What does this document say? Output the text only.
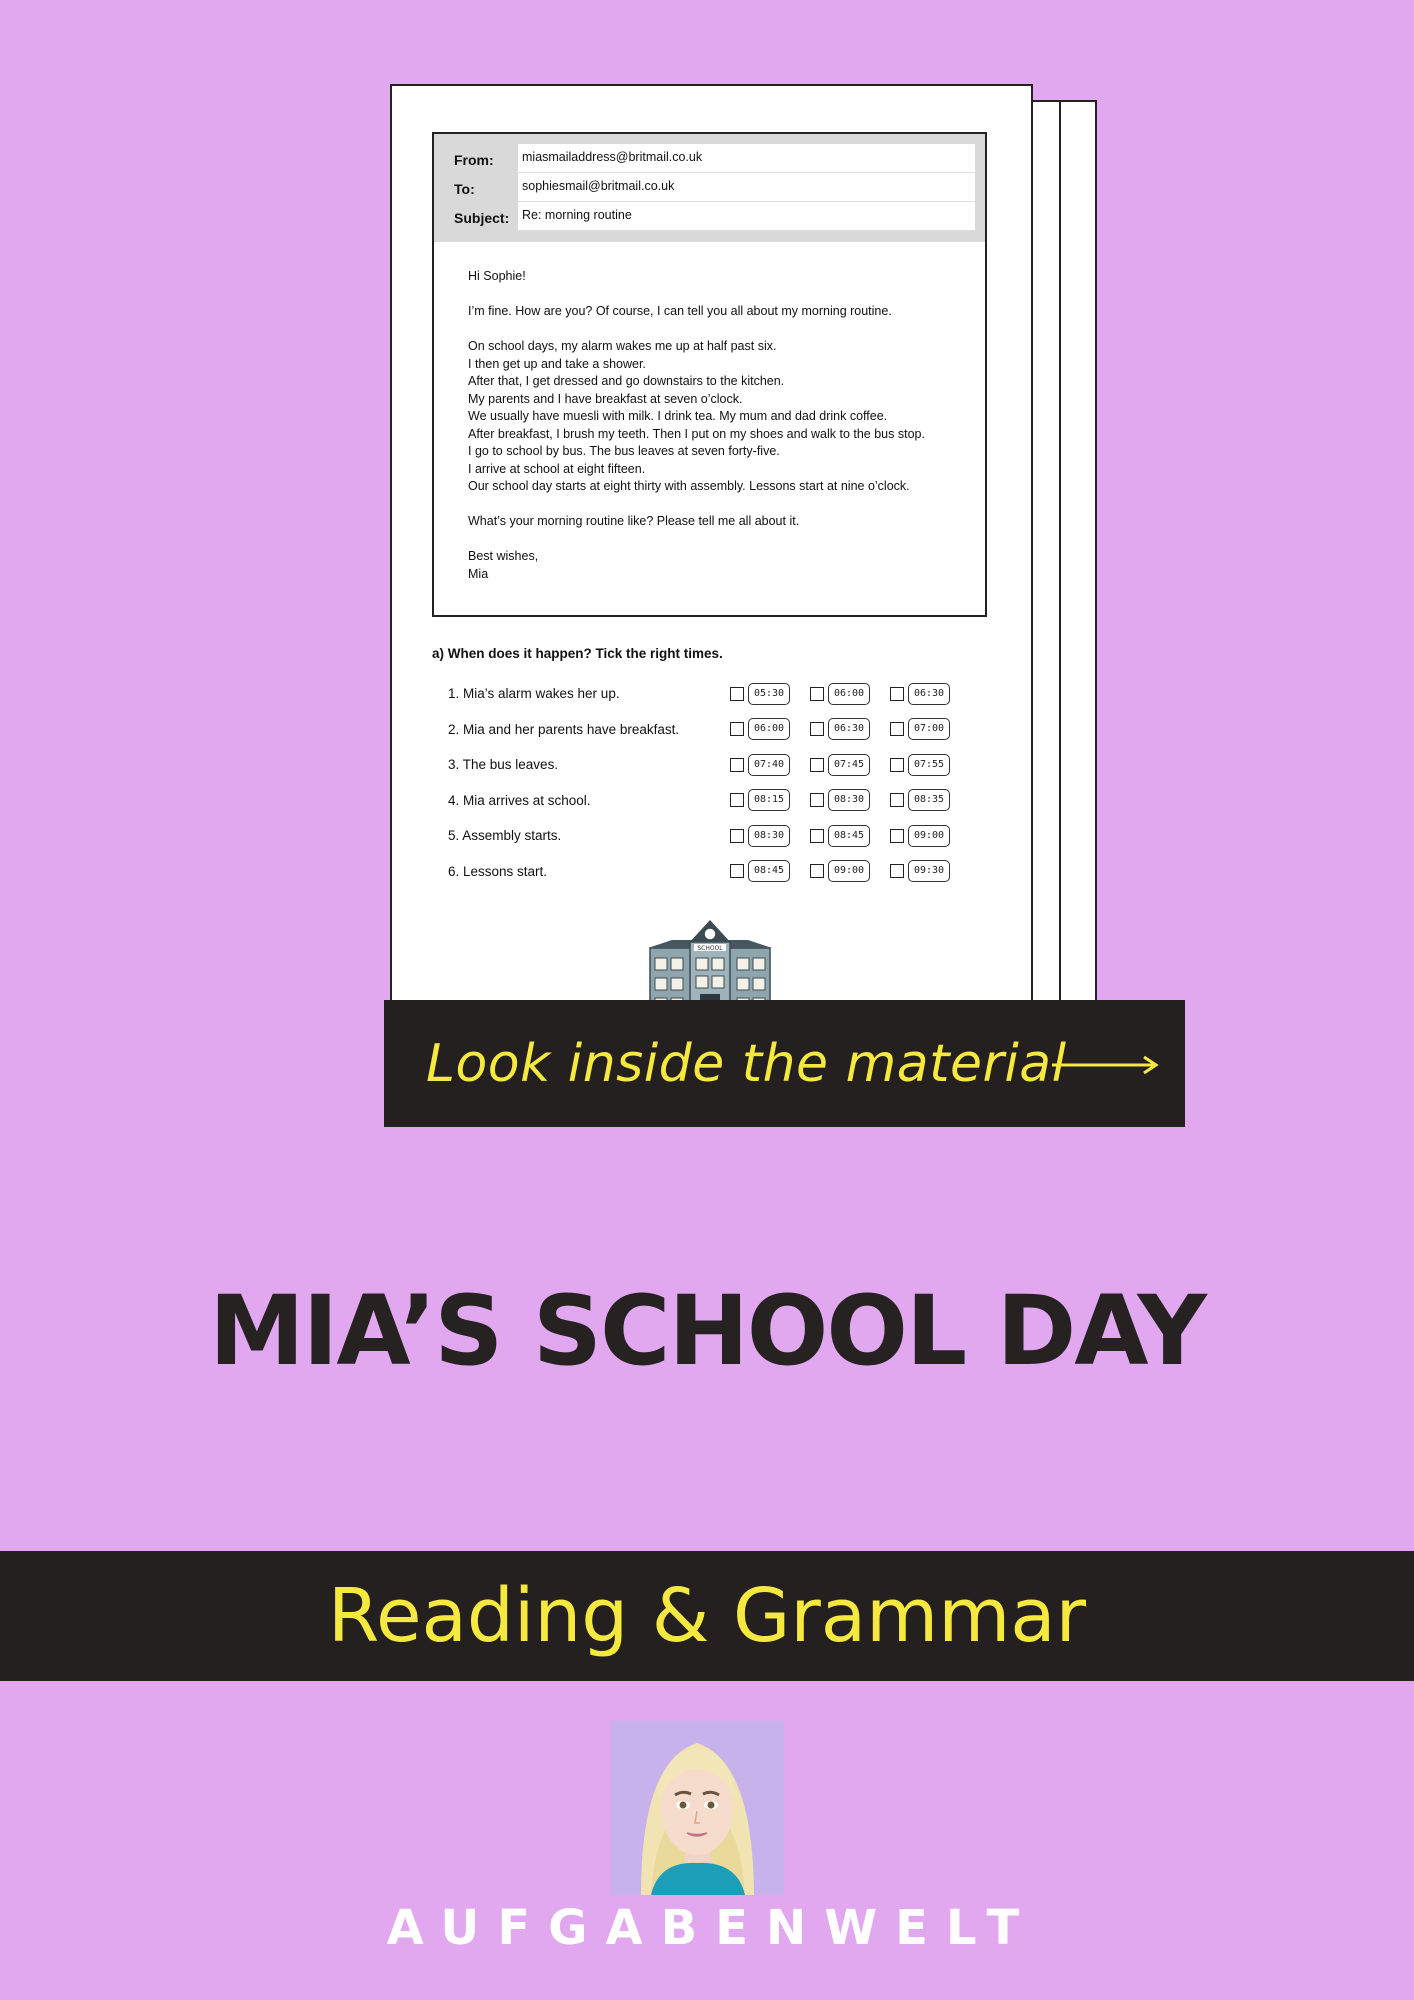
From:	miasmailaddress@britmail.co.uk
To:	sophiesmail@britmail.co.uk
Subject:	Re: morning routine

Hi Sophie!

I’m fine. How are you? Of course, I can tell you all about my morning routine.

On school days, my alarm wakes me up at half past six.
I then get up and take a shower.
After that, I get dressed and go downstairs to the kitchen.
My parents and I have breakfast at seven o’clock.
We usually have muesli with milk. I drink tea. My mum and dad drink coffee.
After breakfast, I brush my teeth. Then I put on my shoes and walk to the bus stop.
I go to school by bus. The bus leaves at seven forty-five.
I arrive at school at eight fifteen.
Our school day starts at eight thirty with assembly. Lessons start at nine o’clock.

What’s your morning routine like? Please tell me all about it.

Best wishes,
Mia

a) When does it happen? Tick the right times.
1. Mia’s alarm wakes her up.	05:30	06:00	06:30
2. Mia and her parents have breakfast.	06:00	06:30	07:00
3. The bus leaves.	07:40	07:45	07:55
4. Mia arrives at school.	08:15	08:30	08:35
5. Assembly starts.	08:30	08:45	09:00
6. Lessons start.	08:45	09:00	09:30
SCHOOL
Look inside the material
MIA’S SCHOOL DAY
Reading & Grammar
AUFGABENWELT
